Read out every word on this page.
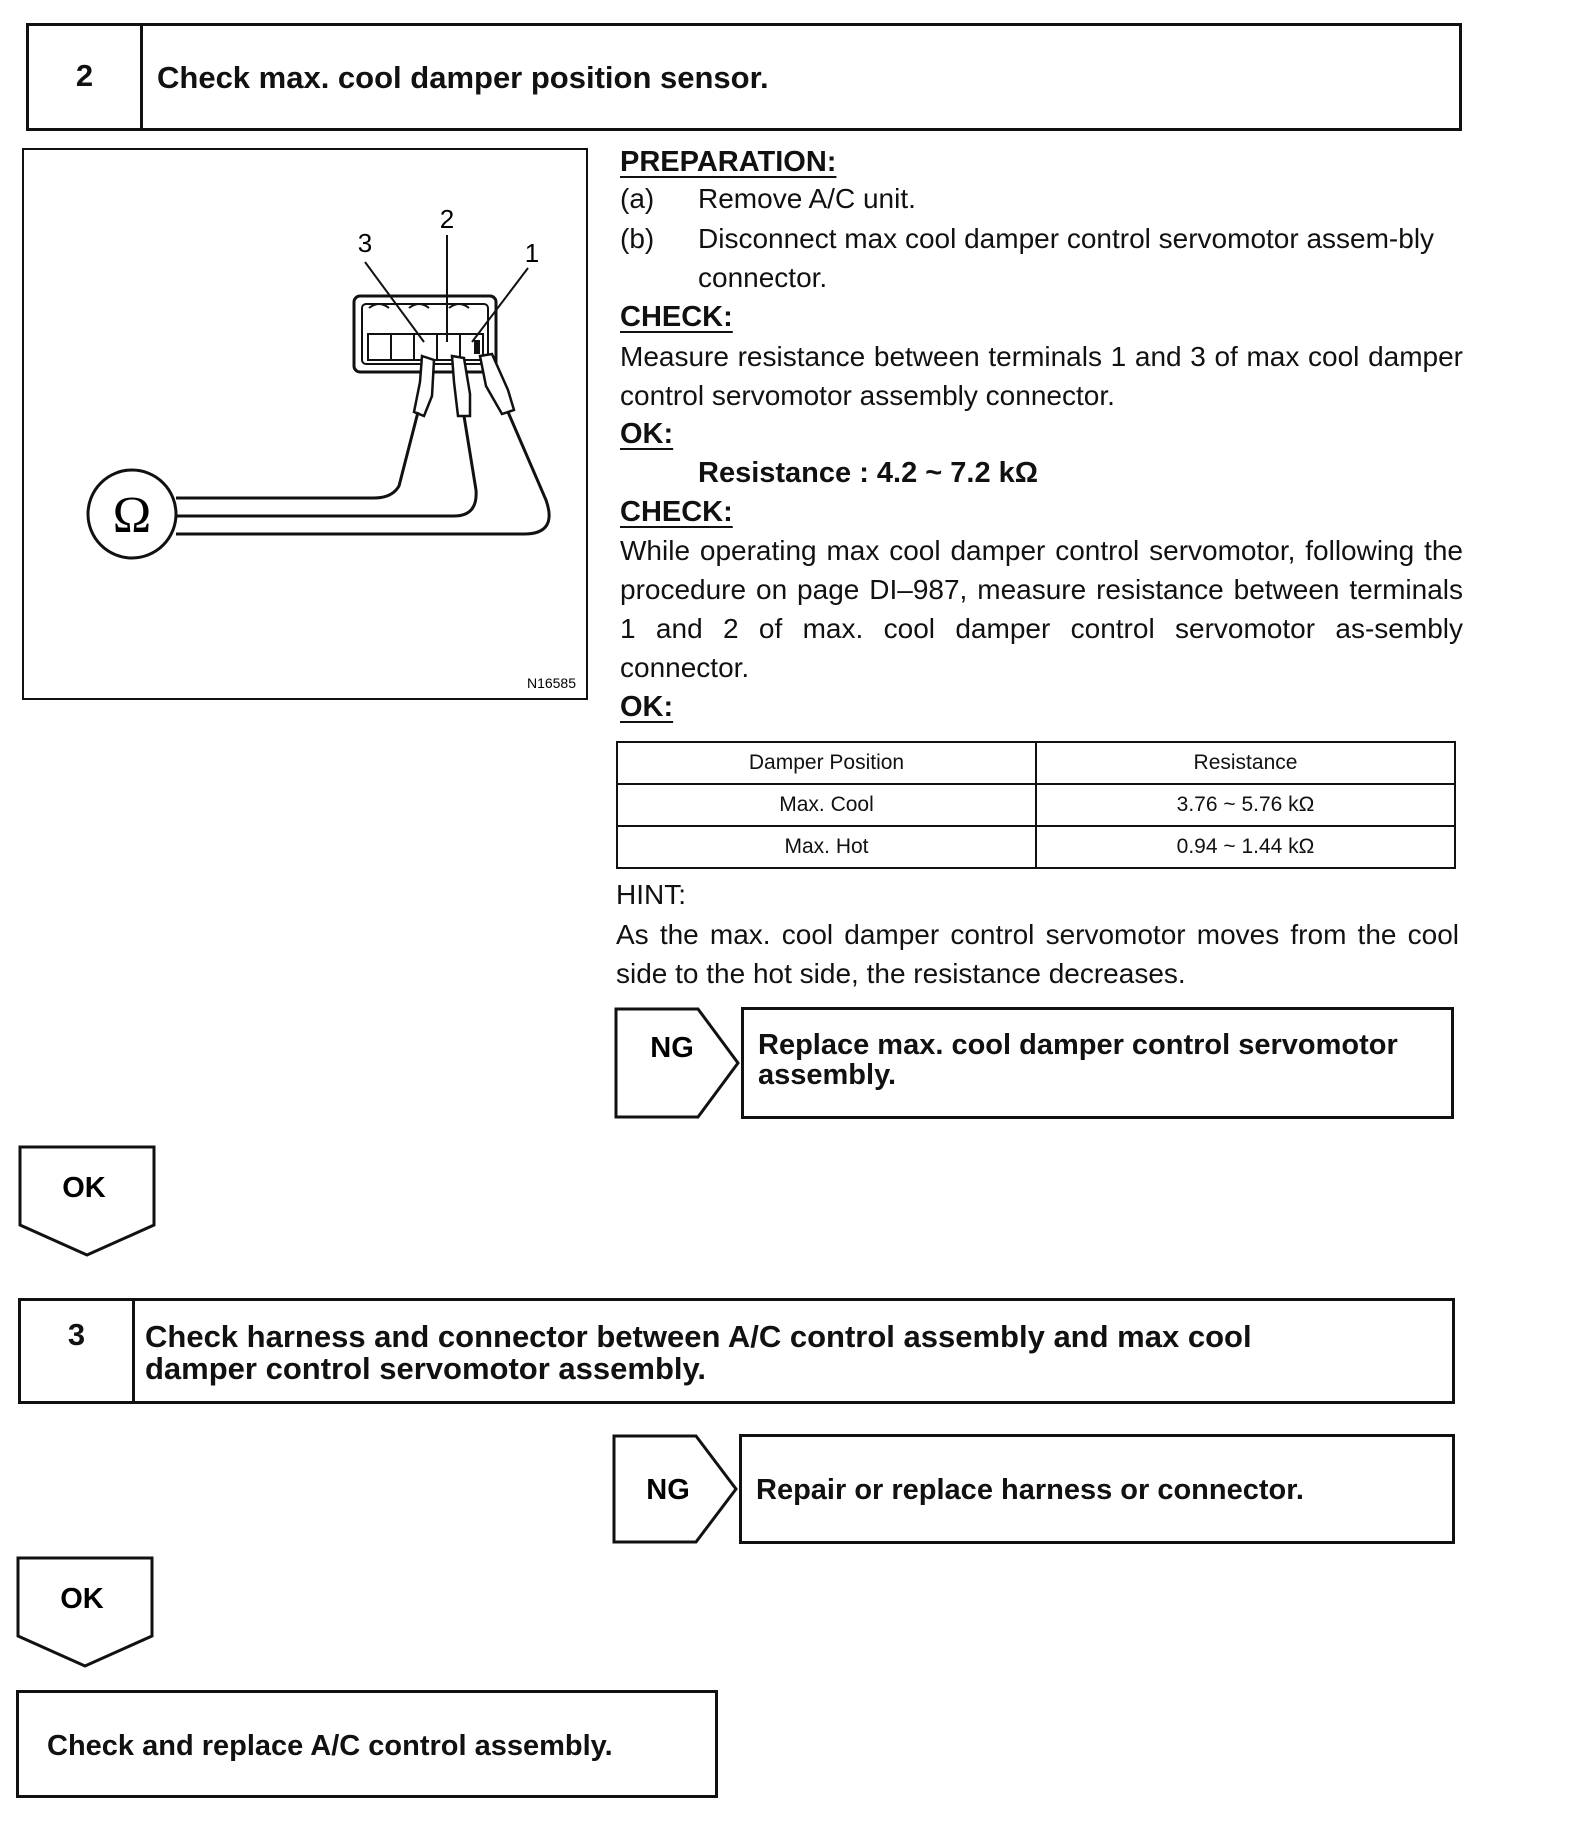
2 Check max. cool damper position sensor.
Ω
3
2
1
N16585
PREPARATION:
(a) Remove A/C unit.
(b) Disconnect max cool damper control servomotor assem-bly connector.
CHECK:
Measure resistance between terminals 1 and 3 of max cool damper control servomotor assembly connector.
OK:
Resistance : 4.2 ~ 7.2 kΩ
CHECK:
While operating max cool damper control servomotor, following the procedure on page DI–987, measure resistance between terminals 1 and 2 of max. cool damper control servomotor as-sembly connector.
OK:
Damper Position	Resistance
Max. Cool	3.76 ~ 5.76 kΩ
Max. Hot	0.94 ~ 1.44 kΩ
HINT:
As the max. cool damper control servomotor moves from the cool side to the hot side, the resistance decreases.
NG Replace max. cool damper control servomotor assembly.
OK
3 Check harness and connector between A/C control assembly and max cool damper control servomotor assembly.
NG Repair or replace harness or connector.
OK
Check and replace A/C control assembly.
